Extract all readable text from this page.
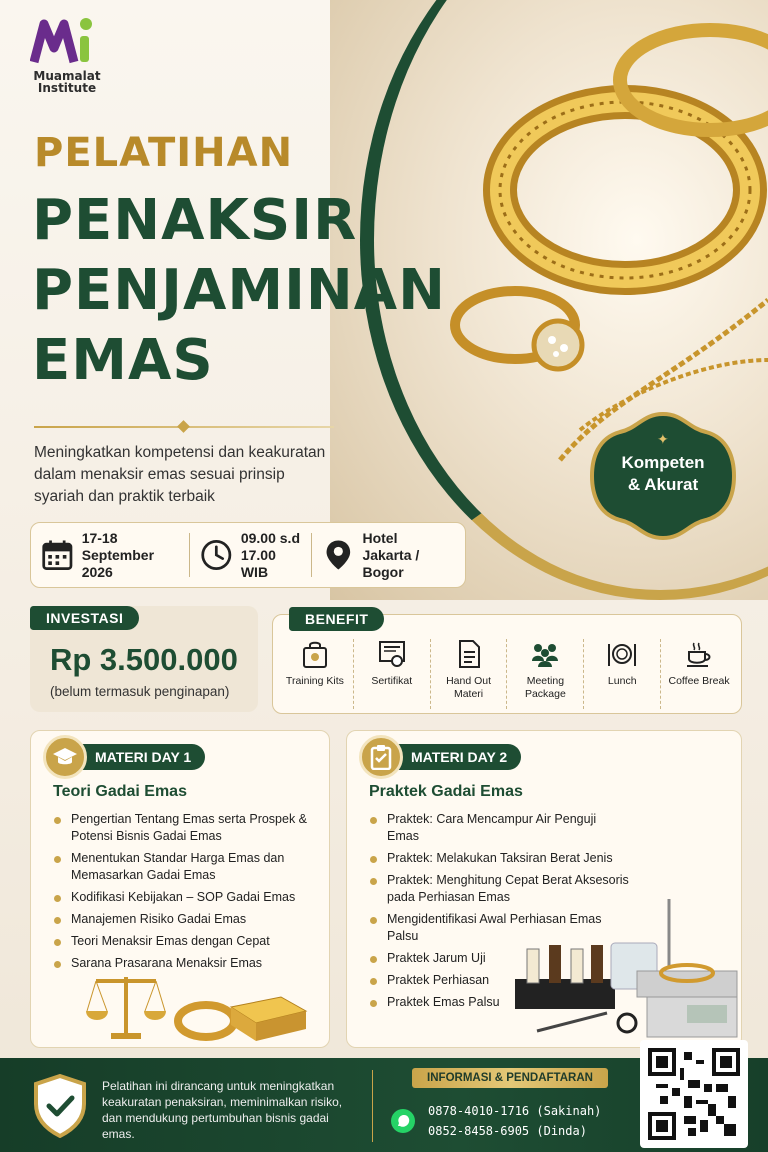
Muamalat
Institute
PELATIHAN
PENAKSIR
PENJAMINAN
EMAS
Meningkatkan kompetensi dan keakuratan dalam menaksir emas sesuai prinsip syariah dan praktik terbaik
✦
Kompeten
& Akurat
17-18
September 2026
09.00 s.d
17.00 WIB
Hotel
Jakarta / Bogor
INVESTASI
Rp 3.500.000
(belum termasuk penginapan)
BENEFIT
Training Kits	Sertifikat	Hand Out Materi
Meeting Package
Lunch	Coffee Break
MATERI DAY 1
Teori Gadai Emas
Pengertian Tentang Emas serta Prospek & Potensi Bisnis Gadai Emas
Menentukan Standar Harga Emas dan Memasarkan Gadai Emas
Kodifikasi Kebijakan – SOP Gadai Emas
Manajemen Risiko Gadai Emas
Teori Menaksir Emas dengan Cepat
Sarana Prasarana Menaksir Emas
MATERI DAY 2
Praktek Gadai Emas
Praktek: Cara Mencampur Air Penguji Emas
Praktek: Melakukan Taksiran Berat Jenis
Praktek: Menghitung Cepat Berat Aksesoris pada Perhiasan Emas
Mengidentifikasi Awal Perhiasan Emas Palsu
Praktek Jarum Uji
Praktek Perhiasan
Praktek Emas Palsu
Pelatihan ini dirancang untuk meningkatkan keakuratan penaksiran, meminimalkan risiko, dan mendukung pertumbuhan bisnis gadai emas.
INFORMASI & PENDAFTARAN
0878-4010-1716 (Sakinah)
0852-8458-6905 (Dinda)
